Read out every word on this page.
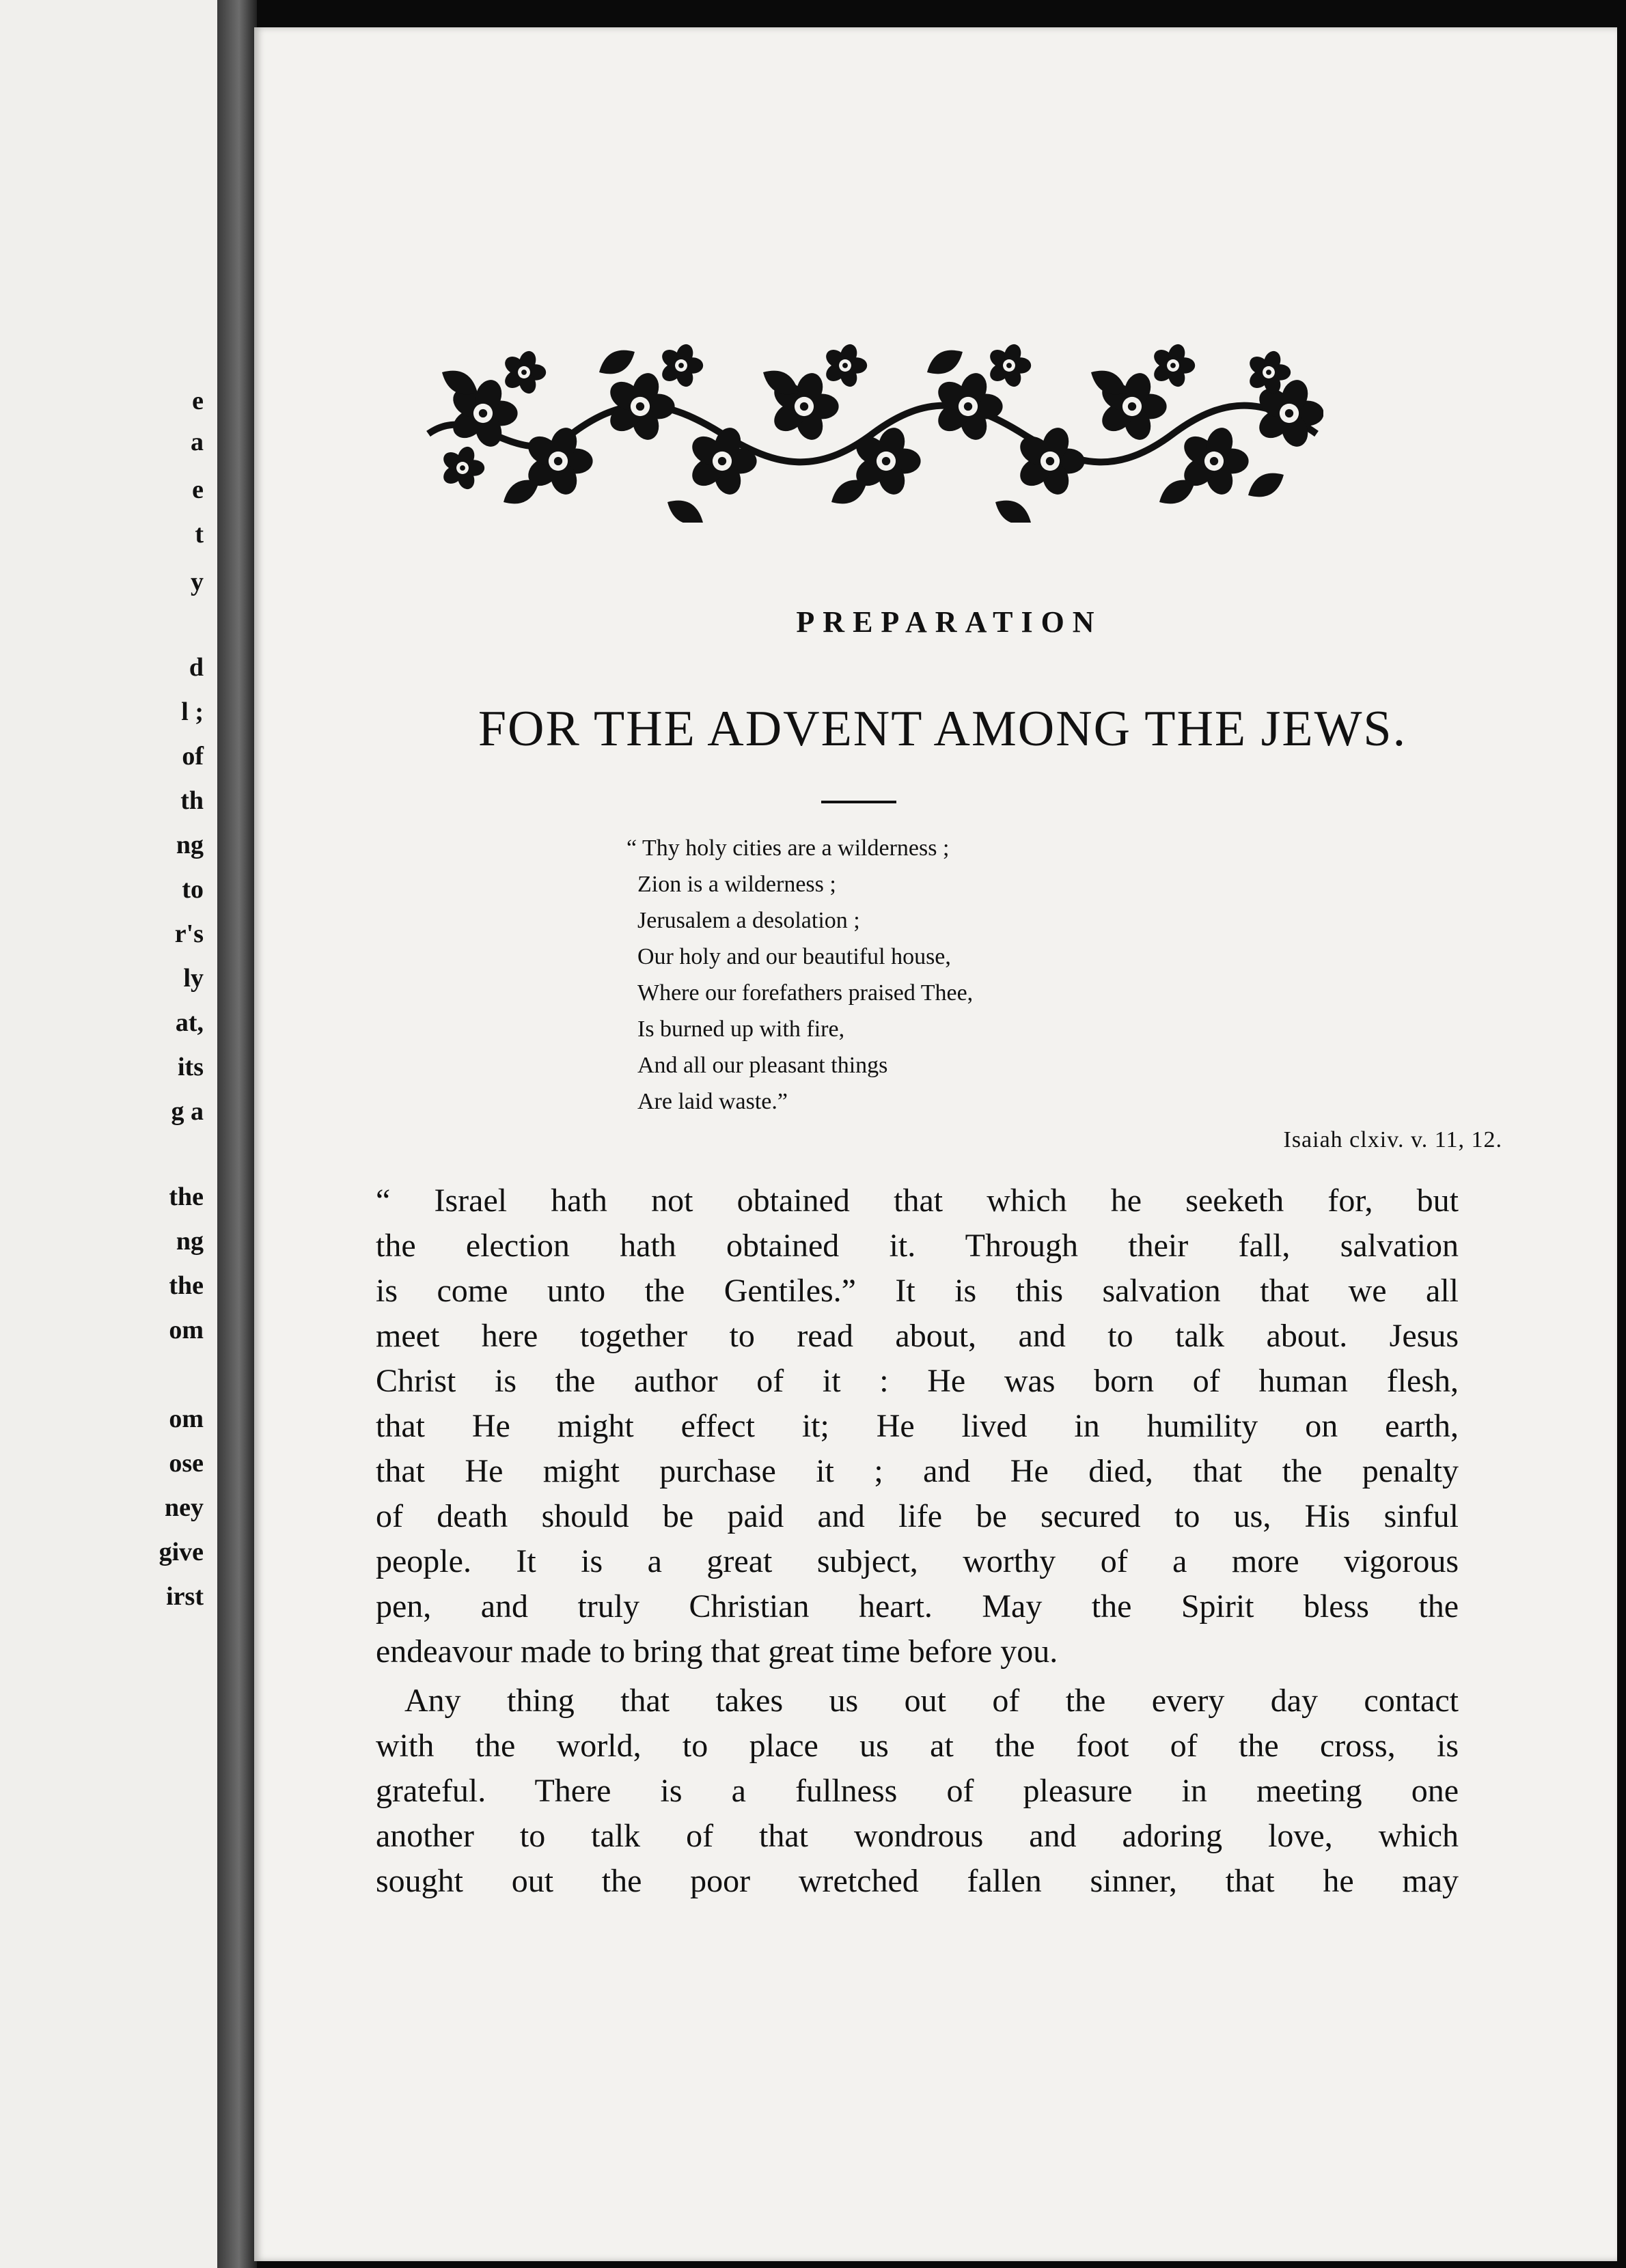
e
a
e
t
y
d
l ;
of
th
ng
to
r's
ly
at,
its
g a
the
ng
the
om
om
ose
ney
give
irst
PREPARATION
FOR THE ADVENT AMONG THE JEWS.
“ Thy holy cities are a wilderness ;
Zion is a wilderness ;
Jerusalem a desolation ;
Our holy and our beautiful house,
Where our forefathers praised Thee,
Is burned up with fire,
And all our pleasant things
Are laid waste.”
Isaiah clxiv. v. 11, 12.

“ Israel hath not obtained that which he seeketh for, but
the election hath obtained it. Through their fall, salvation
is come unto the Gentiles.” It is this salvation that we all
meet here together to read about, and to talk about. Jesus
Christ is the author of it : He was born of human flesh,
that He might effect it; He lived in humility on earth,
that He might purchase it ; and He died, that the penalty
of death should be paid and life be secured to us, His sinful
people. It is a great subject, worthy of a more vigorous
pen, and truly Christian heart. May the Spirit bless the
endeavour made to bring that great time before you.

Any thing that takes us out of the every day contact
with the world, to place us at the foot of the cross, is
grateful. There is a fullness of pleasure in meeting one
another to talk of that wondrous and adoring love, which
sought out the poor wretched fallen sinner, that he may
